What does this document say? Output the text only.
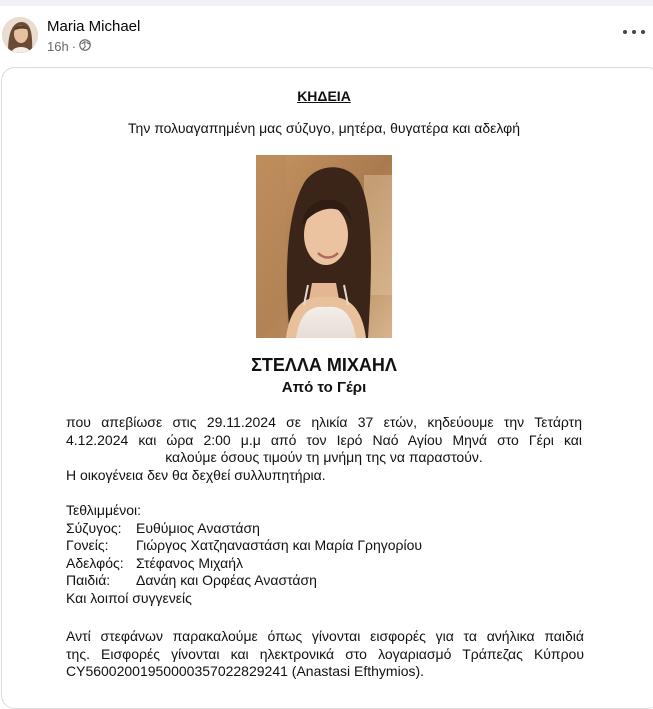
Maria Michael
16h ·
ΚΗΔΕΙΑ
Την πολυαγαπημένη μας σύζυγο, μητέρα, θυγατέρα και αδελφή
ΣΤΕΛΛΑ ΜΙΧΑΗΛ
Από το Γέρι
που απεβίωσε στις 29.11.2024 σε ηλικία 37 ετών, κηδεύουμε την Τετάρτη
4.12.2024 και ώρα 2:00 μ.μ από τον Ιερό Ναό Αγίου Μηνά στο Γέρι και
καλούμε όσους τιμούν τη μνήμη της να παραστούν.
Η οικογένεια δεν θα δεχθεί συλλυπητήρια.
Τεθλιμμένοι:
Σύζυγος:	Ευθύμιος Αναστάση
Γονείς:	Γιώργος Χατζηαναστάση και Μαρία Γρηγορίου
Αδελφός: Στέφανος Μιχαήλ
Παιδιά:	Δανάη και Ορφέας Αναστάση
Και λοιποί συγγενείς
Αντί στεφάνων παρακαλούμε όπως γίνονται εισφορές για τα ανήλικα παιδιά
της. Εισφορές γίνονται και ηλεκτρονικά στο λογαριασμό Τράπεζας Κύπρου
CY56002001950000357022829241 (Anastasi Efthymios).
